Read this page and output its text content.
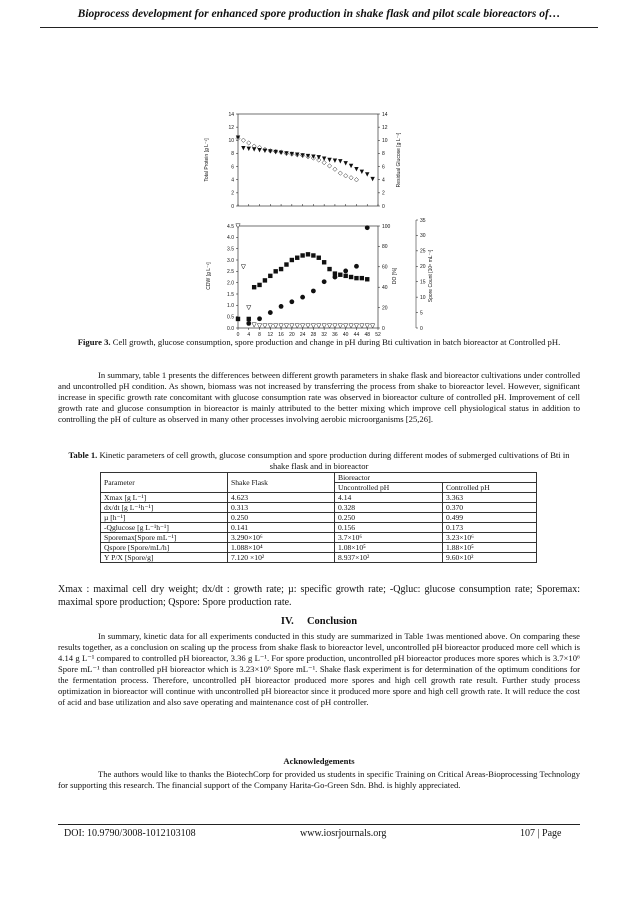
Bioprocess development for enhanced spore production in shake flask and pilot scale bioreactors of…
0	0
2	2
4	4
6	6
8	8
10	10
12	12
14	14
Total Protein [g L⁻¹]	Residual Glucose [g L⁻¹]
0.0
0.5
1.0
1.5
2.0
2.5
3.0
3.5
4.0
4.5
0
20
40
60
80
100
0
5
10
15
20
25
30
35
0 4 8 12 16 20 24 28 32 36 40 44 48 52
CDW [g L⁻¹]	DO [%]	Spore Count [10⁶ mL⁻¹]
Figure 3. Cell growth, glucose consumption, spore production and change in pH during Bti cultivation in batch bioreactor at Controlled pH.
In summary, table 1 presents the differences between different growth parameters in shake flask and bioreactor cultivations under controlled and uncontrolled pH condition. As shown, biomass was not increased by transferring the process from shake to bioreactor level. However, significant increase in specific growth rate concomitant with glucose consumption rate was observed in bioreactor culture of controlled pH. Improvement of cell growth rate and glucose consumption in bioreactor is mainly attributed to the better mixing which improve cell physiological status in addition to controlling the pH of culture as observed in many other processes involving aerobic microorganisms [25,26].
Table 1. Kinetic parameters of cell growth, glucose consumption and spore production during different modes of submerged cultivations of Bti in shake flask and in bioreactor
Parameter	Shake Flask	Bioreactor	
		Uncontrolled pH	Controlled pH
Xmax [g L⁻¹]	4.623	4.14	3.363
dx/dt [g L⁻¹h⁻¹]	0.313	0.328	0.370
µ [h⁻¹]	0.250	0.250	0.499
-Qglucose [g L⁻¹h⁻¹]	0.141	0.156	0.173
Sporemax[Spore mL⁻¹]	3.290×10⁶	3.7×10⁶	3.23×10⁶
Qspore [Spore/mL/h]	1.088×10⁴	1.08×10⁵	1.88×10⁵
Y P/X [Spore/g]	7.120 ×10²	8.937×10²	9.60×10²
Xmax : maximal cell dry weight; dx/dt : growth rate; µ: specific growth rate; -Qgluc: glucose consumption rate; Sporemax: maximal spore production; Qspore: Spore production rate.
IV. Conclusion
In summary, kinetic data for all experiments conducted in this study are summarized in Table 1was mentioned above. On comparing these results together, as a conclusion on scaling up the process from shake flask to bioreactor level, uncontrolled pH bioreactor produced more cell which is 4.14 g L⁻¹ compared to controlled pH bioreactor, 3.36 g L⁻¹. For spore production, uncontrolled pH bioreactor produces more spores which is 3.7×10⁶ Spore mL⁻¹ than controlled pH bioreactor which is 3.23×10⁶ Spore mL⁻¹. Shake flask experiment is for determination of the optimum conditions for the fermentation process. Therefore, uncontrolled pH bioreactor produced more spores and high cell growth rate result. Further study process optimization in bioreactor will continue with uncontrolled pH bioreactor since it produced more spore and high cell growth rate. It will reduce the cost of acid and base utilization and also save operating and maintenance cost of pH controller.
Acknowledgements
The authors would like to thanks the BiotechCorp for provided us students in specific Training on Critical Areas-Bioprocessing Technology for supporting this research. The financial support of the Company Harita-Go-Green Sdn. Bhd. is highly appreciated.
DOI: 10.9790/3008-1012103108	www.iosrjournals.org	107 | Page
